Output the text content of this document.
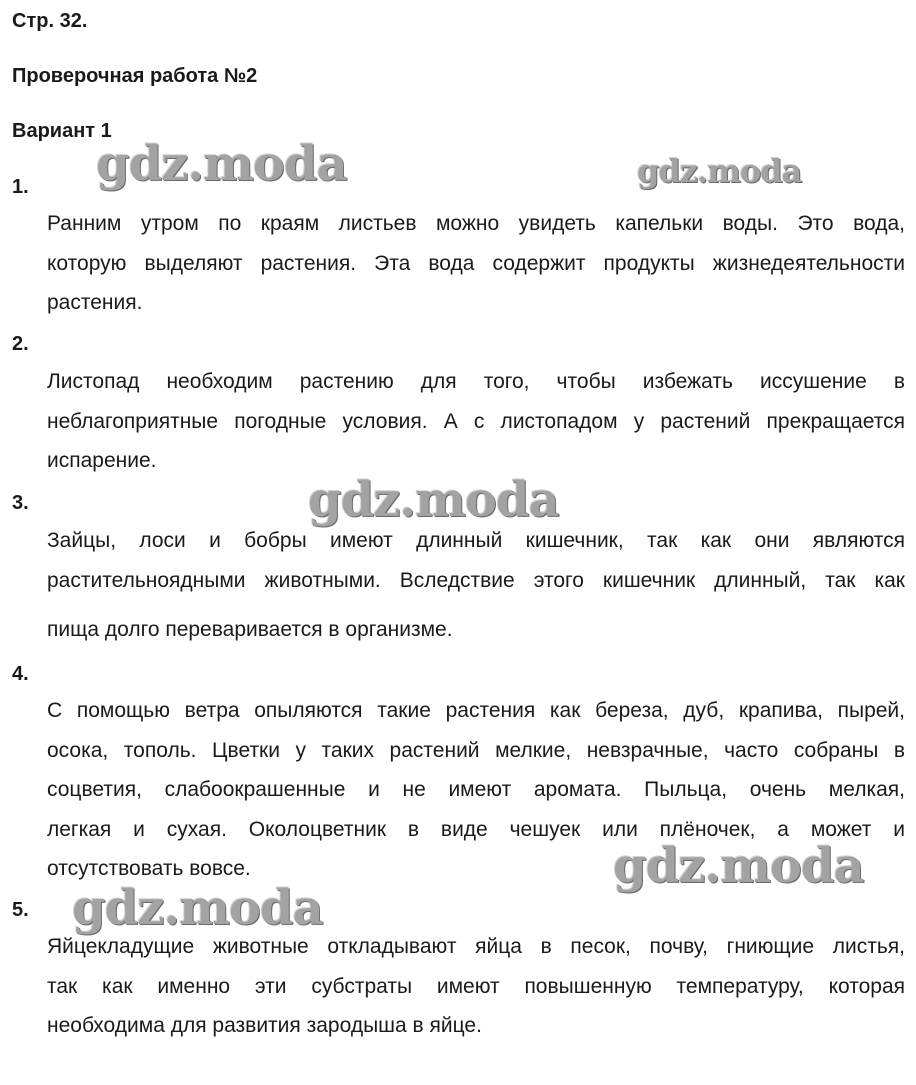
Стр. 32.
Проверочная работа №2
Вариант 1
1.
Ранним утром по краям листьев можно увидеть капельки воды. Это вода,
которую выделяют растения. Эта вода содержит продукты жизнедеятельности
растения.
2.
Листопад необходим растению для того, чтобы избежать иссушение в
неблагоприятные погодные условия. А с листопадом у растений прекращается
испарение.
3.
Зайцы, лоси и бобры имеют длинный кишечник, так как они являются
растительноядными животными. Вследствие этого кишечник длинный, так как
пища долго переваривается в организме.
4.
С помощью ветра опыляются такие растения как береза, дуб, крапива, пырей,
осока, тополь. Цветки у таких растений мелкие, невзрачные, часто собраны в
соцветия, слабоокрашенные и не имеют аромата. Пыльца, очень мелкая,
легкая и сухая. Околоцветник в виде чешуек или плёночек, а может и
отсутствовать вовсе.
5.
Яйцекладущие животные откладывают яйца в песок, почву, гниющие листья,
так как именно эти субстраты имеют повышенную температуру, которая
необходима для развития зародыша в яйце.
gdz.moda	gdz.moda
gdz.moda
gdz.moda
gdz.moda
